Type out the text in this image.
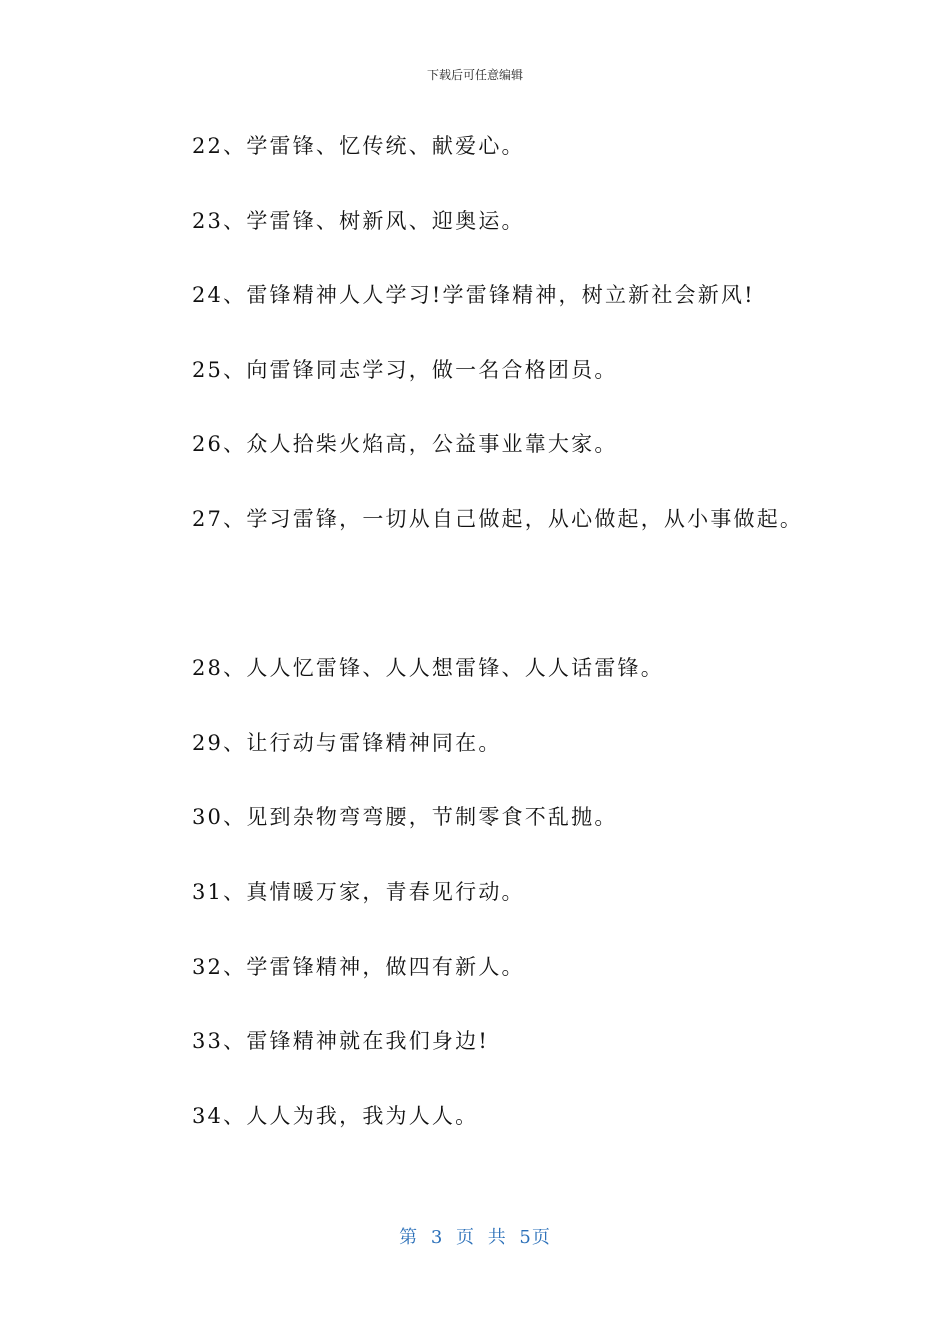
下载后可任意编辑
22、学雷锋、忆传统、献爱心。
23、学雷锋、树新风、迎奥运。
24、雷锋精神人人学习!学雷锋精神，树立新社会新风!
25、向雷锋同志学习，做一名合格团员。
26、众人拾柴火焰高，公益事业靠大家。
27、学习雷锋，一切从自己做起，从心做起，从小事做起。
28、人人忆雷锋、人人想雷锋、人人话雷锋。
29、让行动与雷锋精神同在。
30、见到杂物弯弯腰，节制零食不乱抛。
31、真情暖万家，青春见行动。
32、学雷锋精神，做四有新人。
33、雷锋精神就在我们身边!
34、人人为我，我为人人。
第 3 页 共 5页
